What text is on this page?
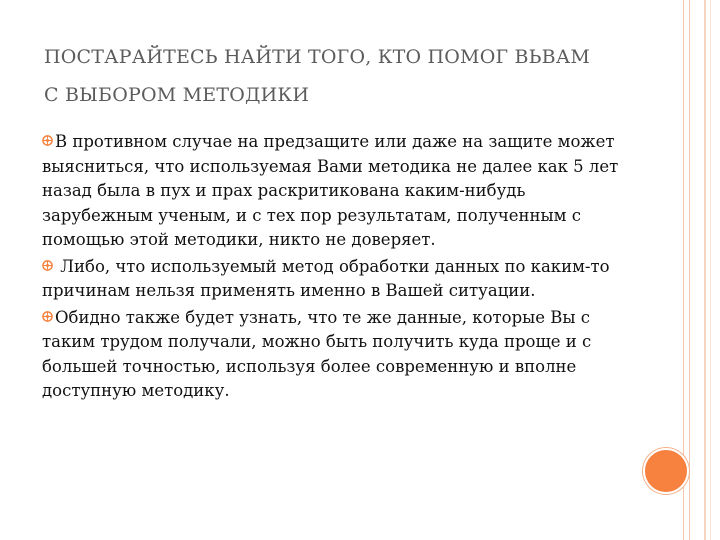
ПОСТАРАЙТЕСЬ НАЙТИ ТОГО, КТО ПОМОГ ВЬВАМ
С ВЫБОРОМ МЕТОДИКИ
В противном случае на предзащите или даже на защите может выясниться, что используемая Вами методика не далее как 5 лет назад была в пух и прах раскритикована каким-нибудь зарубежным ученым, и с тех пор результатам, полученным с помощью этой методики, никто не доверяет.
Либо, что используемый метод обработки данных по каким-то причинам нельзя применять именно в Вашей ситуации.
Обидно также будет узнать, что те же данные, которые Вы с таким трудом получали, можно быть получить куда проще и с большей точностью, используя более современную и вполне доступную методику.
